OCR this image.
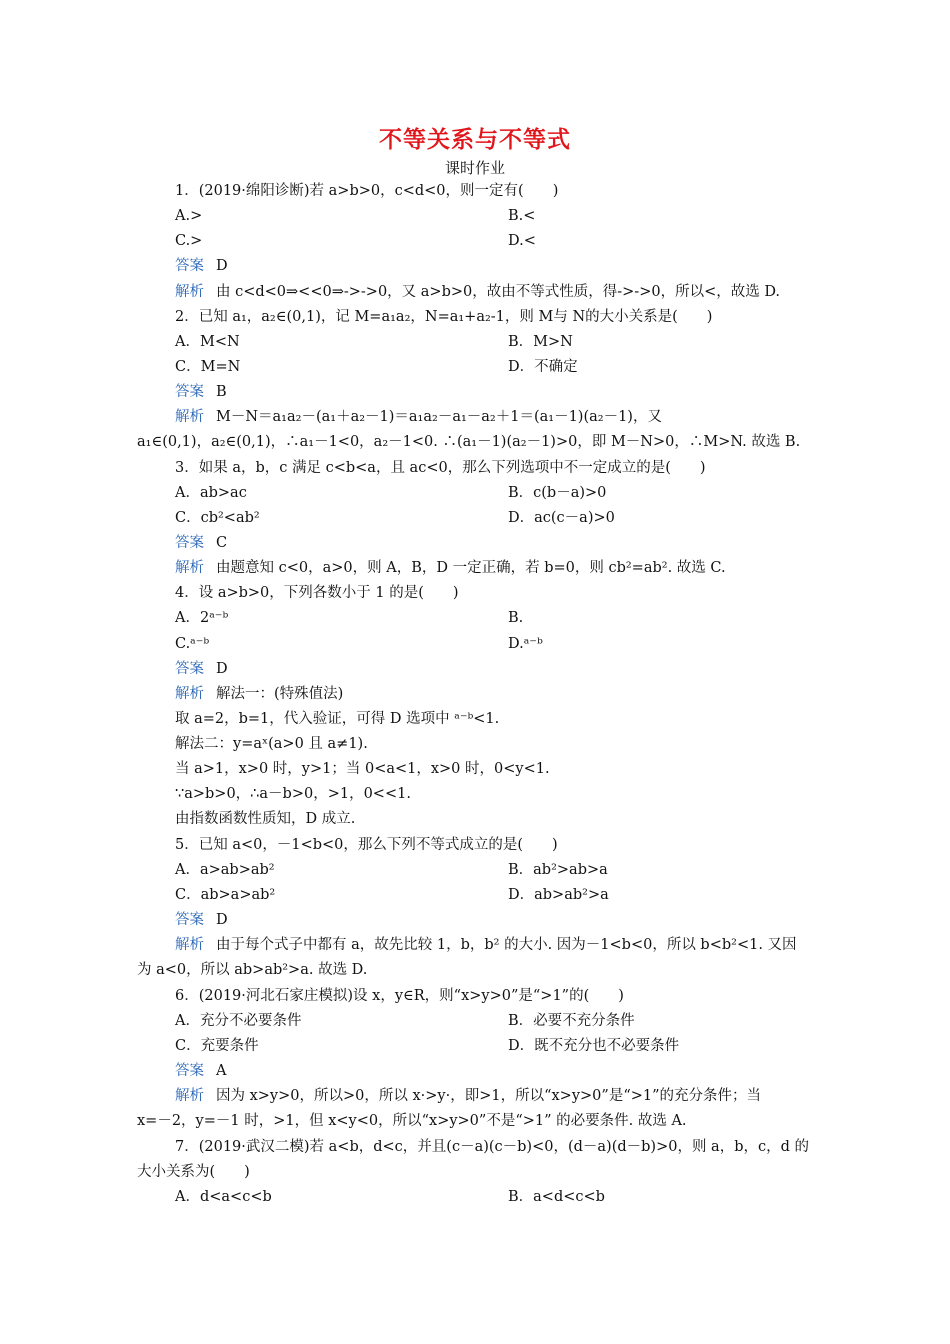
不等关系与不等式
课时作业
1．(2019·绵阳诊断)若 a>b>0，c<d<0，则一定有(　　)
A.>	B.<
C.>	D.<
答案 D
解析 由 c<d<0⇒<<0⇒->->0，又 a>b>0，故由不等式性质，得->->0，所以<，故选 D.
2．已知 a₁，a₂∈(0,1)，记 M=a₁a₂，N=a₁+a₂-1，则 M与 N的大小关系是(　　)
A．M<N	B．M>N
C．M=N	D．不确定
答案 B
解析 M－N＝a₁a₂－(a₁＋a₂－1)＝a₁a₂－a₁－a₂＋1＝(a₁－1)(a₂－1)，又
a₁∈(0,1)，a₂∈(0,1)，∴a₁－1<0，a₂－1<0. ∴(a₁－1)(a₂－1)>0，即 M－N>0，∴M>N. 故选 B.
3．如果 a，b，c 满足 c<b<a，且 ac<0，那么下列选项中不一定成立的是(　　)
A．ab>ac	B．c(b－a)>0
C．cb²<ab²	D．ac(c－a)>0
答案 C
解析 由题意知 c<0，a>0，则 A，B，D 一定正确，若 b=0，则 cb²=ab². 故选 C.
4．设 a>b>0，下列各数小于 1 的是(　　)
A．2ᵃ⁻ᵇ	B.
C.ᵃ⁻ᵇ	D.ᵃ⁻ᵇ
答案 D
解析 解法一：(特殊值法)
取 a=2，b=1，代入验证，可得 D 选项中 ᵃ⁻ᵇ<1.
解法二：y=aˣ(a>0 且 a≠1).
当 a>1，x>0 时，y>1；当 0<a<1，x>0 时，0<y<1.
∵a>b>0，∴a－b>0，>1，0<<1.
由指数函数性质知，D 成立.
5．已知 a<0，－1<b<0，那么下列不等式成立的是(　　)
A．a>ab>ab²	B．ab²>ab>a
C．ab>a>ab²	D．ab>ab²>a
答案 D
解析 由于每个式子中都有 a，故先比较 1，b，b² 的大小. 因为－1<b<0，所以 b<b²<1. 又因
为 a<0，所以 ab>ab²>a. 故选 D.
6．(2019·河北石家庄模拟)设 x，y∈R，则“x>y>0”是“>1”的(　　)
A．充分不必要条件	B．必要不充分条件
C．充要条件	D．既不充分也不必要条件
答案 A
解析 因为 x>y>0，所以>0，所以 x·>y·，即>1，所以“x>y>0”是“>1”的充分条件；当
x=－2，y=－1 时，>1，但 x<y<0，所以“x>y>0”不是“>1” 的必要条件. 故选 A.
7．(2019·武汉二模)若 a<b，d<c，并且(c－a)(c－b)<0，(d－a)(d－b)>0，则 a，b，c，d 的
大小关系为(　　)
A．d<a<c<b	B．a<d<c<b
